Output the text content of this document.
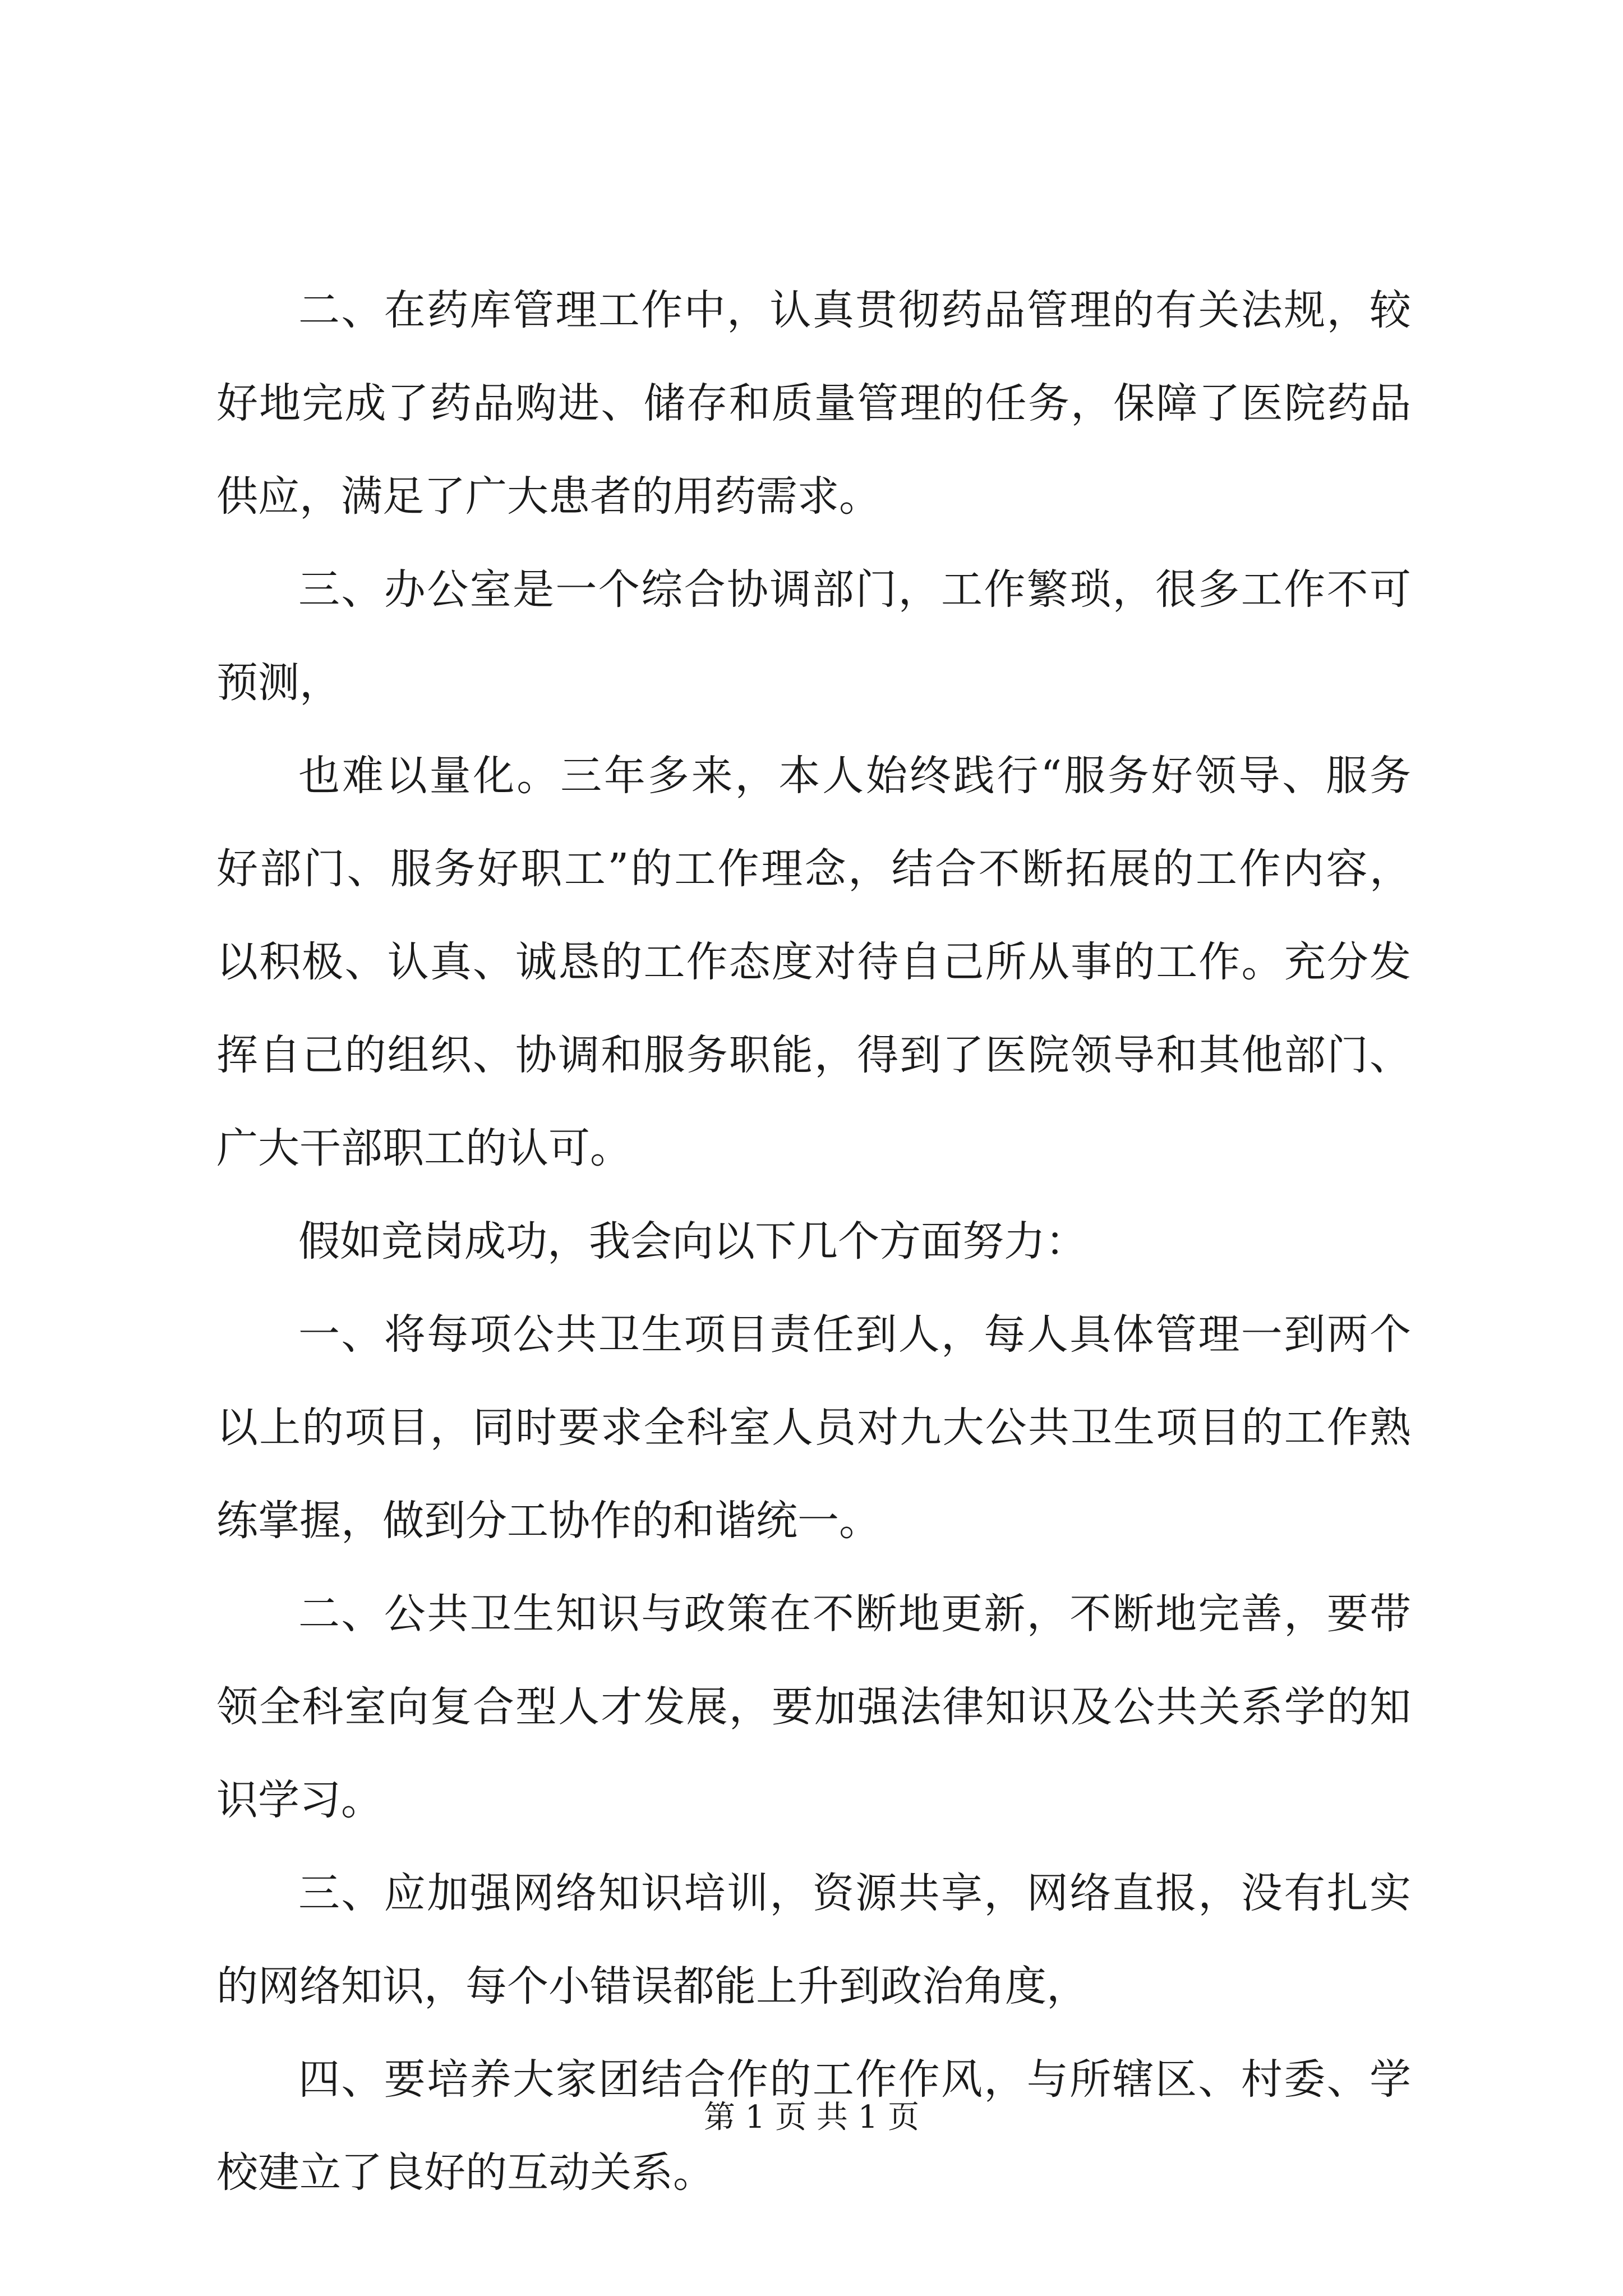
二、在药库管理工作中，认真贯彻药品管理的有关法规，较
好地完成了药品购进、储存和质量管理的任务，保障了医院药品
供应，满足了广大患者的用药需求。
三、办公室是一个综合协调部门，工作繁琐，很多工作不可
预测，
也难以量化。三年多来，本人始终践行“服务好领导、服务
好部门、服务好职工”的工作理念，结合不断拓展的工作内容，
以积极、认真、诚恳的工作态度对待自己所从事的工作。充分发
挥自己的组织、协调和服务职能，得到了医院领导和其他部门、
广大干部职工的认可。
假如竞岗成功，我会向以下几个方面努力：
一、将每项公共卫生项目责任到人，每人具体管理一到两个
以上的项目，同时要求全科室人员对九大公共卫生项目的工作熟
练掌握，做到分工协作的和谐统一。
二、公共卫生知识与政策在不断地更新，不断地完善，要带
领全科室向复合型人才发展，要加强法律知识及公共关系学的知
识学习。
三、应加强网络知识培训，资源共享，网络直报，没有扎实
的网络知识，每个小错误都能上升到政治角度，
四、要培养大家团结合作的工作作风，与所辖区、村委、学
校建立了良好的互动关系。
第 1 页 共 1 页
